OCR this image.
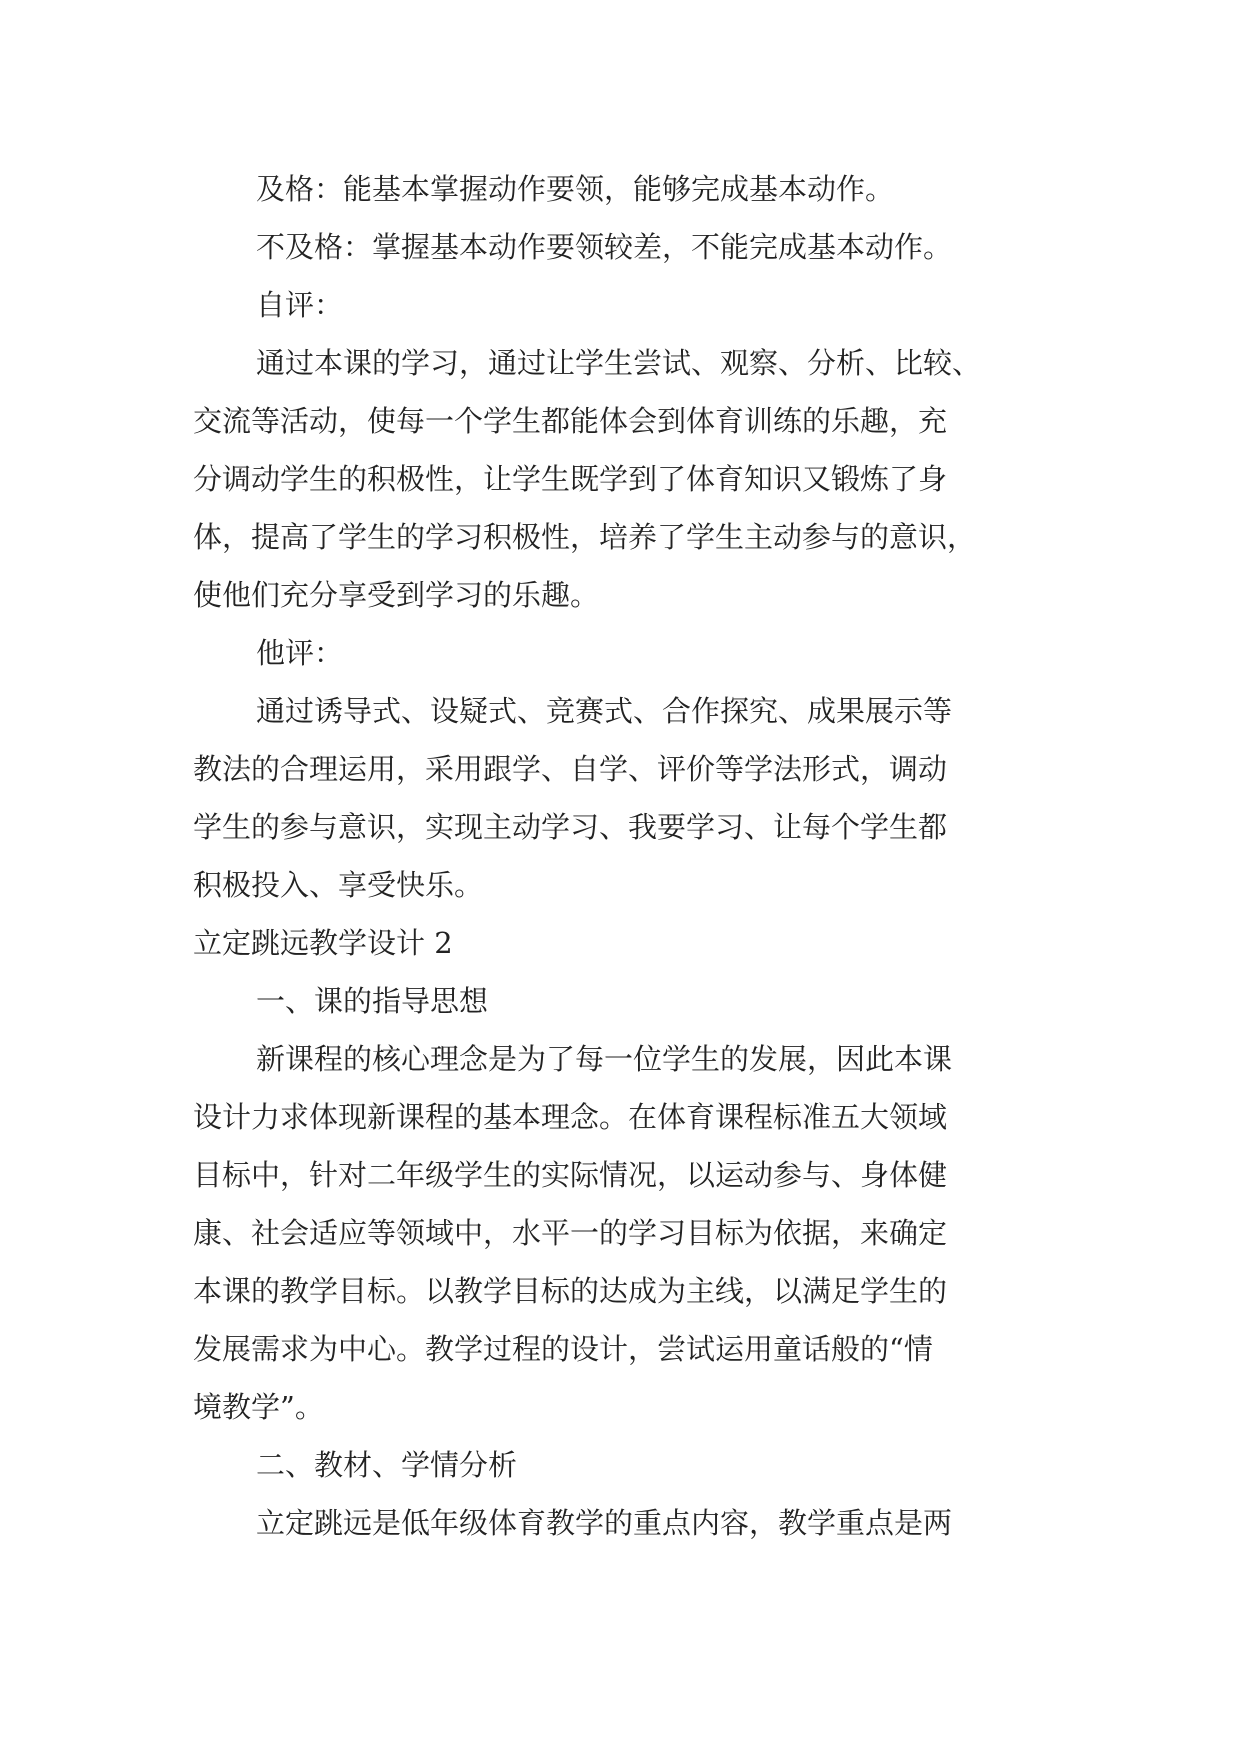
及格：能基本掌握动作要领，能够完成基本动作。
不及格：掌握基本动作要领较差，不能完成基本动作。
自评：
通过本课的学习，通过让学生尝试、观察、分析、比较、
交流等活动，使每一个学生都能体会到体育训练的乐趣，充
分调动学生的积极性，让学生既学到了体育知识又锻炼了身
体，提高了学生的学习积极性，培养了学生主动参与的意识，
使他们充分享受到学习的乐趣。
他评：
通过诱导式、设疑式、竞赛式、合作探究、成果展示等
教法的合理运用，采用跟学、自学、评价等学法形式，调动
学生的参与意识，实现主动学习、我要学习、让每个学生都
积极投入、享受快乐。
立定跳远教学设计 2
一、课的指导思想
新课程的核心理念是为了每一位学生的发展，因此本课
设计力求体现新课程的基本理念。在体育课程标准五大领域
目标中，针对二年级学生的实际情况，以运动参与、身体健
康、社会适应等领域中，水平一的学习目标为依据，来确定
本课的教学目标。以教学目标的达成为主线，以满足学生的
发展需求为中心。教学过程的设计，尝试运用童话般的“情
境教学”。
二、教材、学情分析
立定跳远是低年级体育教学的重点内容，教学重点是两
